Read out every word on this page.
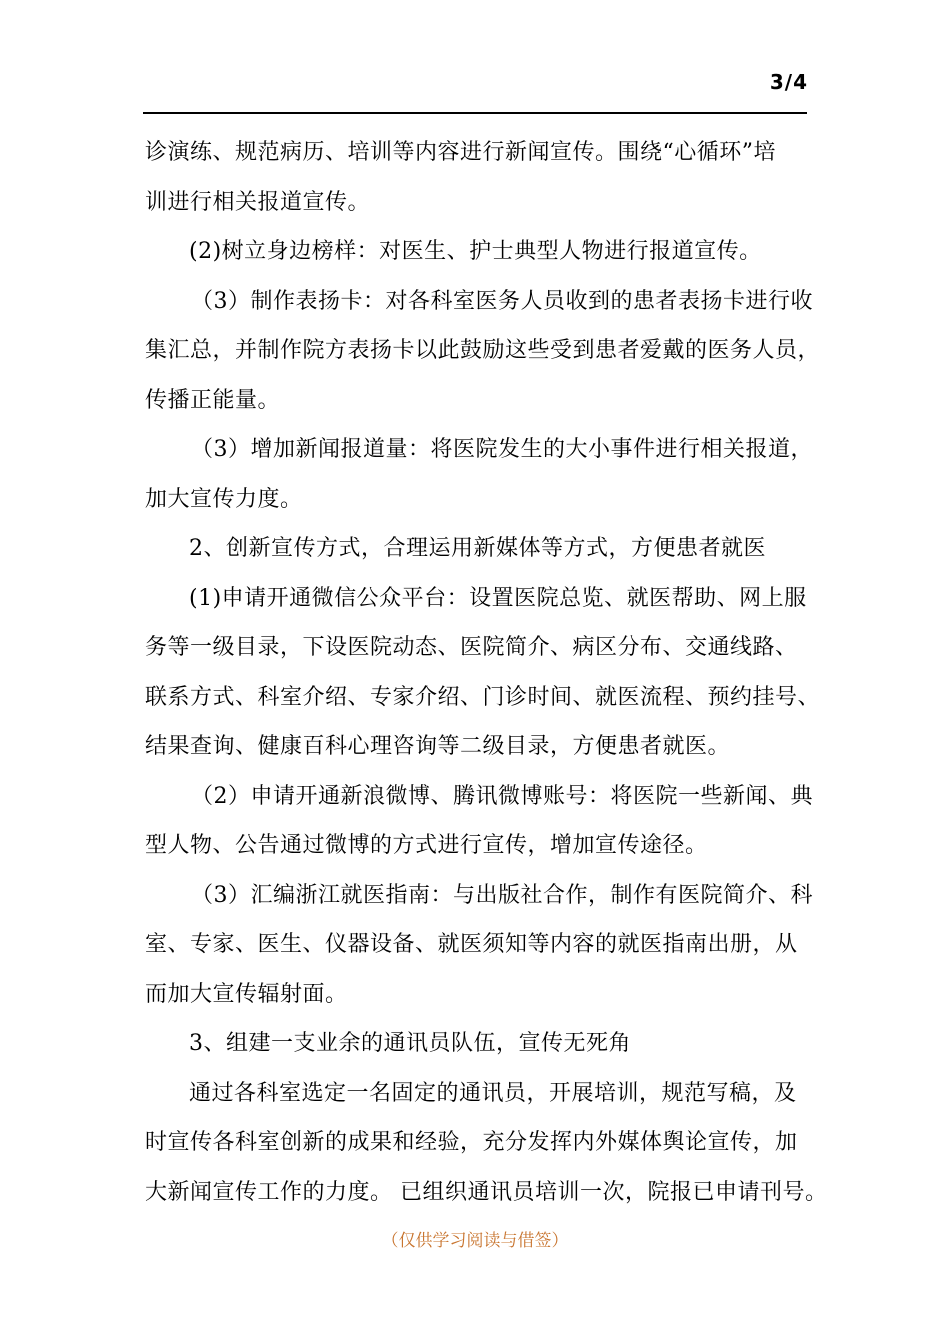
3/4
诊演练、规范病历、培训等内容进行新闻宣传。围绕“心循环”培
训进行相关报道宣传。
(2)树立身边榜样：对医生、护士典型人物进行报道宣传。
（3）制作表扬卡：对各科室医务人员收到的患者表扬卡进行收
集汇总，并制作院方表扬卡以此鼓励这些受到患者爱戴的医务人员，
传播正能量。
（3）增加新闻报道量：将医院发生的大小事件进行相关报道，
加大宣传力度。
2、创新宣传方式，合理运用新媒体等方式，方便患者就医
(1)申请开通微信公众平台：设置医院总览、就医帮助、网上服
务等一级目录，下设医院动态、医院简介、病区分布、交通线路、
联系方式、科室介绍、专家介绍、门诊时间、就医流程、预约挂号、
结果查询、健康百科心理咨询等二级目录，方便患者就医。
（2）申请开通新浪微博、腾讯微博账号：将医院一些新闻、典
型人物、公告通过微博的方式进行宣传，增加宣传途径。
（3）汇编浙江就医指南：与出版社合作，制作有医院简介、科
室、专家、医生、仪器设备、就医须知等内容的就医指南出册，从
而加大宣传辐射面。
3、组建一支业余的通讯员队伍，宣传无死角
通过各科室选定一名固定的通讯员，开展培训，规范写稿，及
时宣传各科室创新的成果和经验，充分发挥内外媒体舆论宣传，加
大新闻宣传工作的力度。 已组织通讯员培训一次，院报已申请刊号。
（仅供学习阅读与借签）
